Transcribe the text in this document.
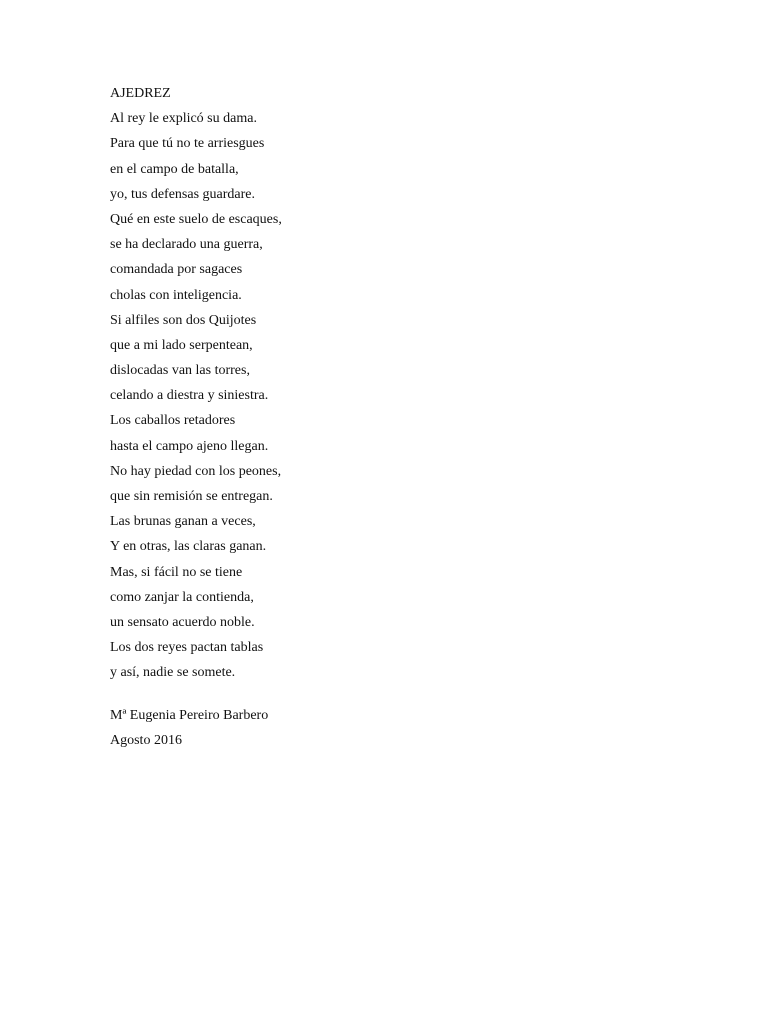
AJEDREZ
Al rey le explicó su dama.
Para que tú no te arriesgues
en el campo de batalla,
yo, tus defensas guardare.
Qué en este suelo de escaques,
se ha declarado una guerra,
comandada por sagaces
cholas con inteligencia.
Si alfiles son dos Quijotes
que a mi lado serpentean,
dislocadas van las torres,
celando a diestra y siniestra.
Los caballos retadores
hasta el campo ajeno llegan.
No hay piedad con los peones,
que sin remisión se entregan.
Las brunas ganan a veces,
Y en otras, las claras ganan.
Mas, si fácil no se tiene
como zanjar la contienda,
un sensato acuerdo noble.
Los dos reyes pactan tablas
y así, nadie se somete.
Mª Eugenia Pereiro Barbero
Agosto 2016
